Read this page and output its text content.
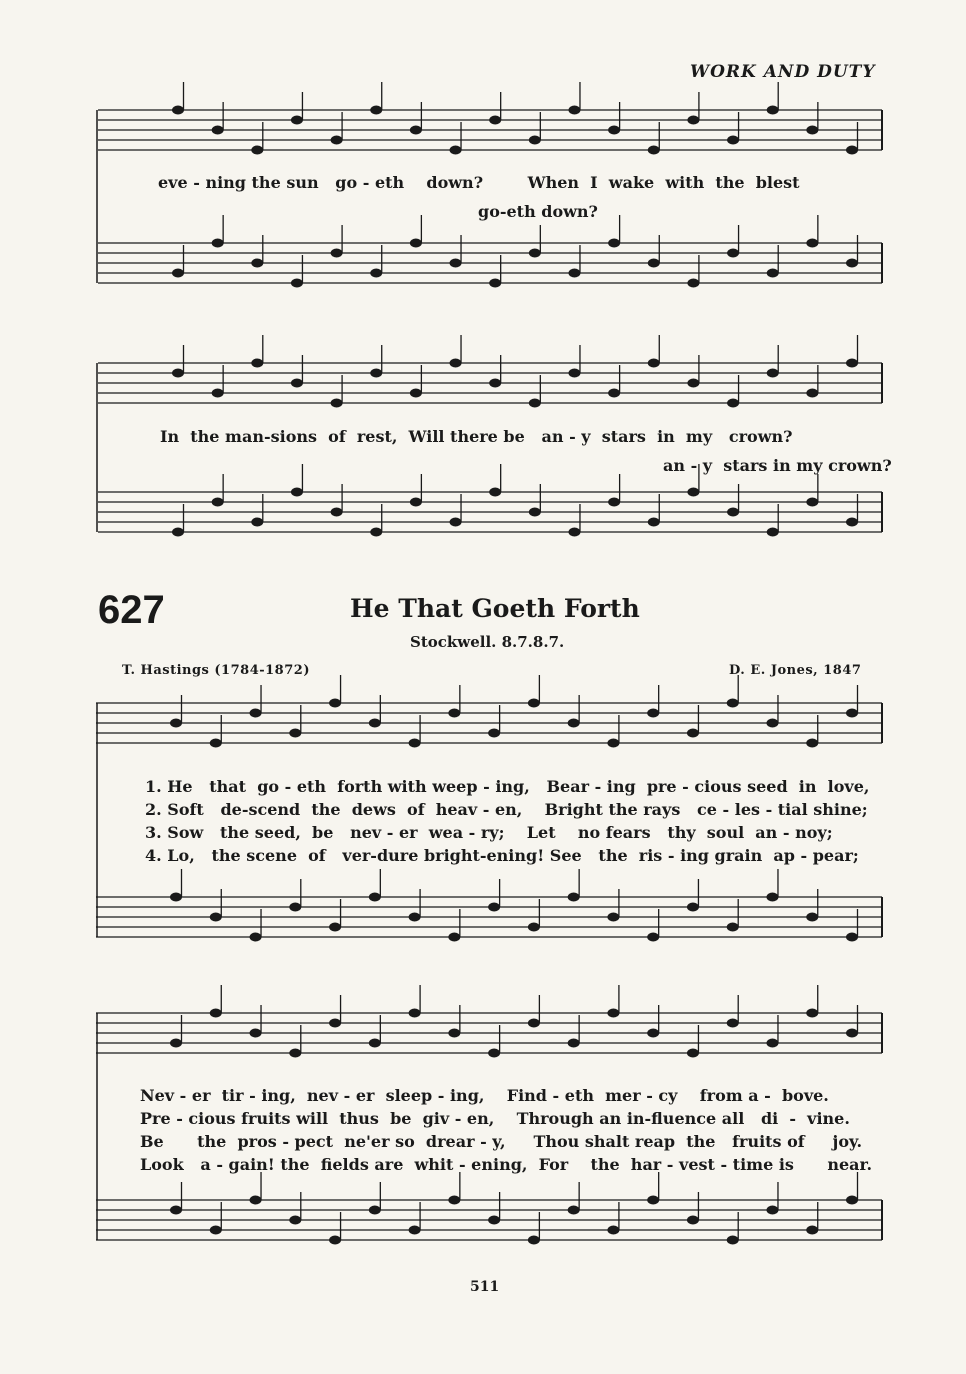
WORK AND DUTY
eve - ning the sun   go - eth    down?        When  I  wake  with  the  blest
go-eth down?
In  the man-sions  of  rest,  Will there be   an - y  stars  in  my   crown?
an - y  stars in my crown?
627	He That Goeth Forth
Stockwell. 8.7.8.7.
T. Hastings (1784-1872)	D. E. Jones, 1847
1. He   that  go - eth  forth with weep - ing,   Bear - ing  pre - cious seed  in  love,
2. Soft   de-scend  the  dews  of  heav - en,    Bright the rays   ce - les - tial shine;
3. Sow   the seed,  be   nev - er  wea - ry;    Let    no fears   thy  soul  an - noy;
4. Lo,   the scene  of   ver-dure bright-ening! See   the  ris - ing grain  ap - pear;
Nev - er  tir - ing,  nev - er  sleep - ing,    Find - eth  mer - cy    from a -  bove.
Pre - cious fruits will  thus  be  giv - en,    Through an in-fluence all   di  -  vine.
Be      the  pros - pect  ne'er so  drear - y,     Thou shalt reap  the   fruits of     joy.
Look   a - gain! the  fields are  whit - ening,  For    the  har - vest - time is      near.
511
